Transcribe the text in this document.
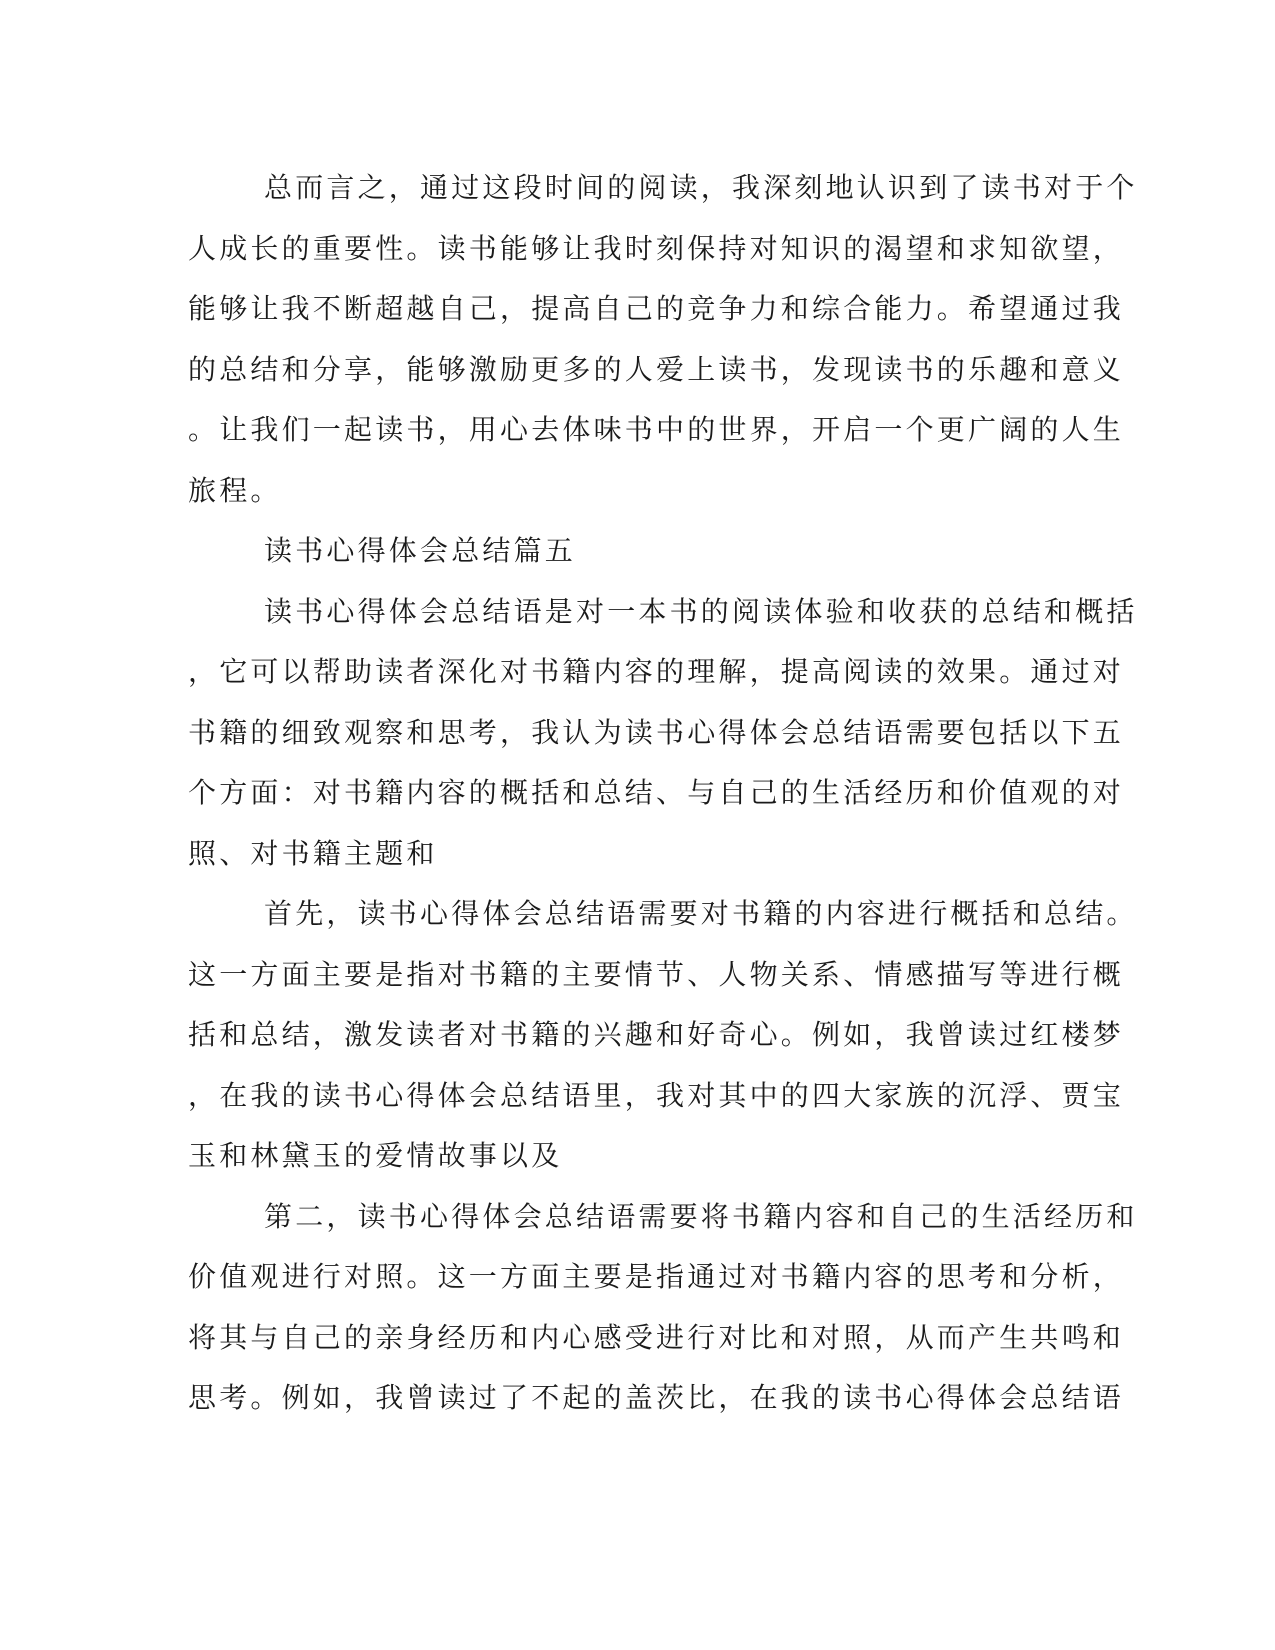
总而言之，通过这段时间的阅读，我深刻地认识到了读书对于个
人成长的重要性。读书能够让我时刻保持对知识的渴望和求知欲望，
能够让我不断超越自己，提高自己的竞争力和综合能力。希望通过我
的总结和分享，能够激励更多的人爱上读书，发现读书的乐趣和意义
。让我们一起读书，用心去体味书中的世界，开启一个更广阔的人生
旅程。
读书心得体会总结篇五
读书心得体会总结语是对一本书的阅读体验和收获的总结和概括
，它可以帮助读者深化对书籍内容的理解，提高阅读的效果。通过对
书籍的细致观察和思考，我认为读书心得体会总结语需要包括以下五
个方面：对书籍内容的概括和总结、与自己的生活经历和价值观的对
照、对书籍主题和
首先，读书心得体会总结语需要对书籍的内容进行概括和总结。
这一方面主要是指对书籍的主要情节、人物关系、情感描写等进行概
括和总结，激发读者对书籍的兴趣和好奇心。例如，我曾读过红楼梦
，在我的读书心得体会总结语里，我对其中的四大家族的沉浮、贾宝
玉和林黛玉的爱情故事以及
第二，读书心得体会总结语需要将书籍内容和自己的生活经历和
价值观进行对照。这一方面主要是指通过对书籍内容的思考和分析，
将其与自己的亲身经历和内心感受进行对比和对照，从而产生共鸣和
思考。例如，我曾读过了不起的盖茨比，在我的读书心得体会总结语
